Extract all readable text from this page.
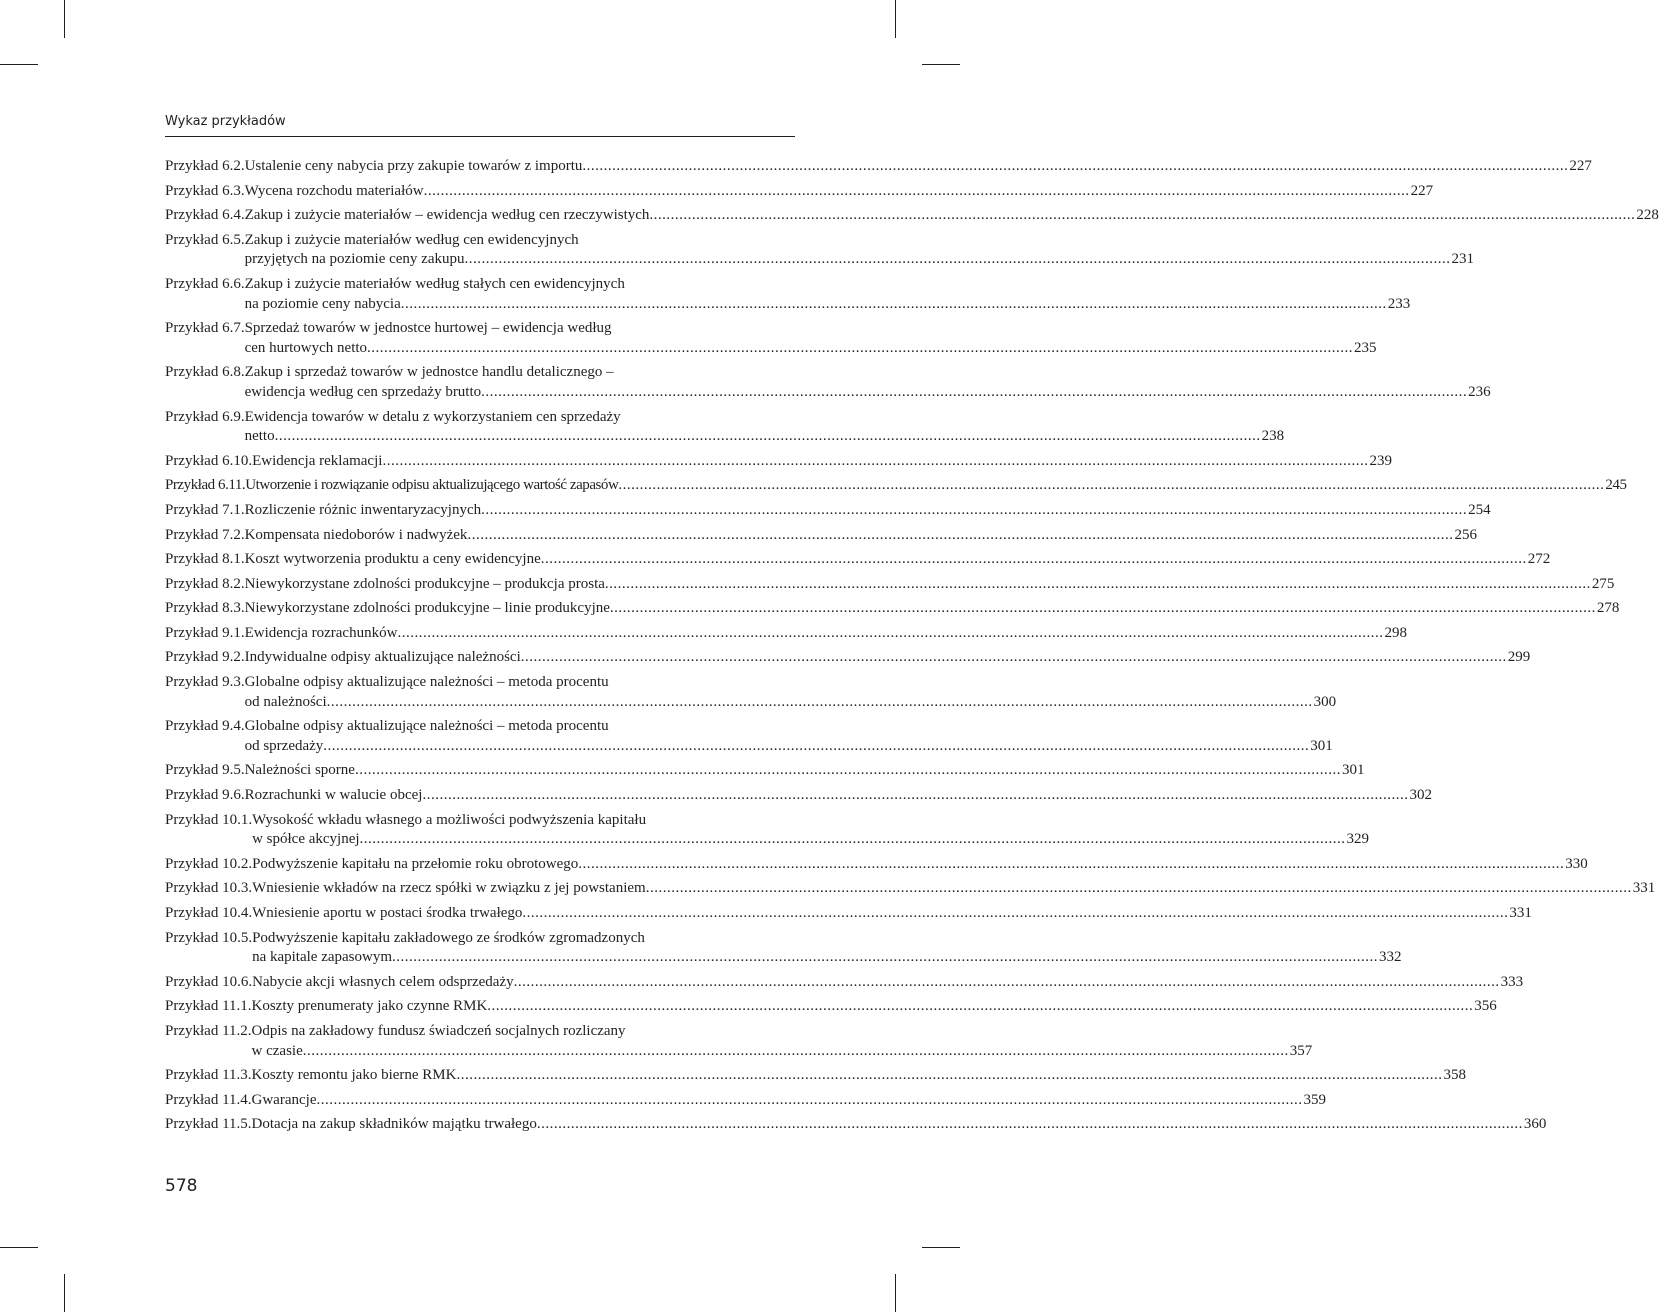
Wykaz przykładów
Przykład 6.2. Ustalenie ceny nabycia przy zakupie towarów z importu .....	227
Przykład 6.3. Wycena rozchodu materiałów .....	227
Przykład 6.4. Zakup i zużycie materiałów – ewidencja według cen rzeczywistych .....	228
Przykład 6.5. Zakup i zużycie materiałów według cen ewidencyjnych
przyjętych na poziomie ceny zakupu .....	231
Przykład 6.6. Zakup i zużycie materiałów według stałych cen ewidencyjnych
na poziomie ceny nabycia .....	233
Przykład 6.7. Sprzedaż towarów w jednostce hurtowej – ewidencja według
cen hurtowych netto .....	235
Przykład 6.8. Zakup i sprzedaż towarów w jednostce handlu detalicznego –
ewidencja według cen sprzedaży brutto .....	236
Przykład 6.9. Ewidencja towarów w detalu z wykorzystaniem cen sprzedaży
netto .....	238
Przykład 6.10. Ewidencja reklamacji .....	239
Przykład 6.11. Utworzenie i rozwiązanie odpisu aktualizującego wartość zapasów .....	245
Przykład 7.1. Rozliczenie różnic inwentaryzacyjnych .....	254
Przykład 7.2. Kompensata niedoborów i nadwyżek .....	256
Przykład 8.1. Koszt wytworzenia produktu a ceny ewidencyjne .....	272
Przykład 8.2. Niewykorzystane zdolności produkcyjne – produkcja prosta .....	275
Przykład 8.3. Niewykorzystane zdolności produkcyjne – linie produkcyjne .....	278
Przykład 9.1. Ewidencja rozrachunków .....	298
Przykład 9.2. Indywidualne odpisy aktualizujące należności .....	299
Przykład 9.3. Globalne odpisy aktualizujące należności – metoda procentu
od należności .....	300
Przykład 9.4. Globalne odpisy aktualizujące należności – metoda procentu
od sprzedaży .....	301
Przykład 9.5. Należności sporne .....	301
Przykład 9.6. Rozrachunki w walucie obcej .....	302
Przykład 10.1. Wysokość wkładu własnego a możliwości podwyższenia kapitału
w spółce akcyjnej .....	329
Przykład 10.2. Podwyższenie kapitału na przełomie roku obrotowego .....	330
Przykład 10.3. Wniesienie wkładów na rzecz spółki w związku z jej powstaniem .....	331
Przykład 10.4. Wniesienie aportu w postaci środka trwałego .....	331
Przykład 10.5. Podwyższenie kapitału zakładowego ze środków zgromadzonych
na kapitale zapasowym .....	332
Przykład 10.6. Nabycie akcji własnych celem odsprzedaży .....	333
Przykład 11.1. Koszty prenumeraty jako czynne RMK .....	356
Przykład 11.2. Odpis na zakładowy fundusz świadczeń socjalnych rozliczany
w czasie .....	357
Przykład 11.3. Koszty remontu jako bierne RMK .....	358
Przykład 11.4. Gwarancje .....	359
Przykład 11.5. Dotacja na zakup składników majątku trwałego .....	360
578
